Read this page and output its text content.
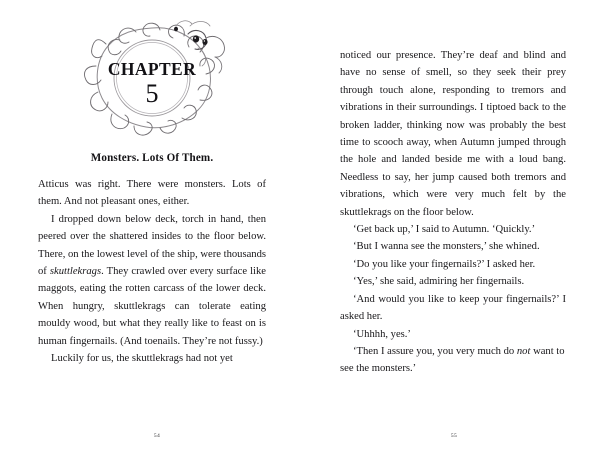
CHAPTER
5
Monsters. Lots Of Them.

Atticus was right. There were monsters. Lots of them. And not pleasant ones, either.

I dropped down below deck, torch in hand, then peered over the shattered insides to the floor below. There, on the lowest level of the ship, were thousands of skuttlekrags. They crawled over every surface like maggots, eating the rotten carcass of the lower deck. When hungry, skuttlekrags can tolerate eating mouldy wood, but what they really like to feast on is human fingernails. (And toenails. They’re not fussy.)

Luckily for us, the skuttlekrags had not yet

54

noticed our presence. They’re deaf and blind and have no sense of smell, so they seek their prey through touch alone, responding to tremors and vibrations in their surroundings. I tiptoed back to the broken ladder, thinking now was probably the best time to scooch away, when Autumn jumped through the hole and landed beside me with a loud bang. Needless to say, her jump caused both tremors and vibrations, which were very much felt by the skuttlekrags on the floor below.

‘Get back up,’ I said to Autumn. ‘Quickly.’

‘But I wanna see the monsters,’ she whined.

‘Do you like your fingernails?’ I asked her.

‘Yes,’ she said, admiring her fingernails.

‘And would you like to keep your fingernails?’ I asked her.

‘Uhhhh, yes.’

‘Then I assure you, you very much do not want to see the monsters.’

55
